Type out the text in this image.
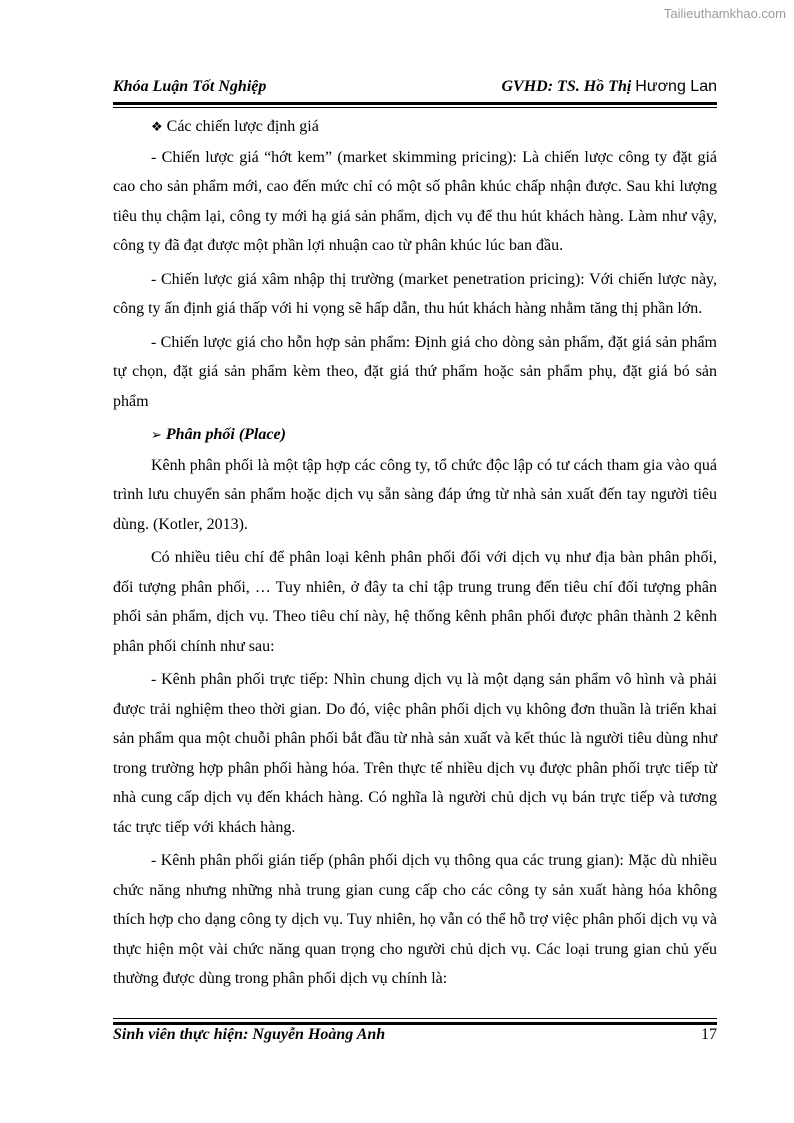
Tailieuthamkhao.com
Khóa Luận Tốt Nghiệp	GVHD: TS. Hồ Thị Hương Lan
❖ Các chiến lược định giá

- Chiến lược giá “hớt kem” (market skimming pricing): Là chiến lược công ty đặt giá cao cho sản phẩm mới, cao đến mức chỉ có một số phân khúc chấp nhận được. Sau khi lượng tiêu thụ chậm lại, công ty mới hạ giá sản phẩm, dịch vụ để thu hút khách hàng. Làm như vậy, công ty đã đạt được một phần lợi nhuận cao từ phân khúc lúc ban đầu.

- Chiến lược giá xâm nhập thị trường (market penetration pricing): Với chiến lược này, công ty ấn định giá thấp với hi vọng sẽ hấp dẫn, thu hút khách hàng nhằm tăng thị phần lớn.

- Chiến lược giá cho hỗn hợp sản phẩm: Định giá cho dòng sản phẩm, đặt giá sản phẩm tự chọn, đặt giá sản phẩm kèm theo, đặt giá thứ phẩm hoặc sản phẩm phụ, đặt giá bó sản phẩm

➢ Phân phối (Place)

Kênh phân phối là một tập hợp các công ty, tổ chức độc lập có tư cách tham gia vào quá trình lưu chuyển sản phẩm hoặc dịch vụ sẵn sàng đáp ứng từ nhà sản xuất đến tay người tiêu dùng. (Kotler, 2013).

Có nhiều tiêu chí để phân loại kênh phân phối đối với dịch vụ như địa bàn phân phối, đối tượng phân phối, … Tuy nhiên, ở đây ta chỉ tập trung trung đến tiêu chí đối tượng phân phối sản phẩm, dịch vụ. Theo tiêu chí này, hệ thống kênh phân phối được phân thành 2 kênh phân phối chính như sau:

- Kênh phân phối trực tiếp: Nhìn chung dịch vụ là một dạng sản phẩm vô hình và phải được trải nghiệm theo thời gian. Do đó, việc phân phối dịch vụ không đơn thuần là triển khai sản phẩm qua một chuỗi phân phối bắt đầu từ nhà sản xuất và kết thúc là người tiêu dùng như trong trường hợp phân phối hàng hóa. Trên thực tế nhiều dịch vụ được phân phối trực tiếp từ nhà cung cấp dịch vụ đến khách hàng. Có nghĩa là người chủ dịch vụ bán trực tiếp và tương tác trực tiếp với khách hàng.

- Kênh phân phối gián tiếp (phân phối dịch vụ thông qua các trung gian): Mặc dù nhiều chức năng nhưng những nhà trung gian cung cấp cho các công ty sản xuất hàng hóa không thích hợp cho dạng công ty dịch vụ. Tuy nhiên, họ vẫn có thể hỗ trợ việc phân phối dịch vụ và thực hiện một vài chức năng quan trọng cho người chủ dịch vụ. Các loại trung gian chủ yếu thường được dùng trong phân phối dịch vụ chính là:

Sinh viên thực hiện: Nguyễn Hoàng Anh	17
